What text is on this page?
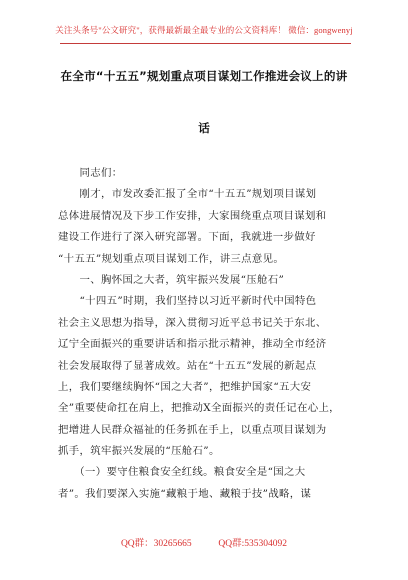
关注头条号"公文研究"，获得最新最全最专业的公文资料库！ 微信：gongwenyj
在全市“十五五”规划重点项目谋划工作推进会议上的讲
话
　　同志们：
　　刚才，市发改委汇报了全市“十五五”规划项目谋划
总体进展情况及下步工作安排，大家围绕重点项目谋划和
建设工作进行了深入研究部署。下面，我就进一步做好
“十五五”规划重点项目谋划工作，讲三点意见。
　　一、胸怀国之大者，筑牢振兴发展“压舱石”
　　“十四五”时期，我们坚持以习近平新时代中国特色
社会主义思想为指导，深入贯彻习近平总书记关于东北、
辽宁全面振兴的重要讲话和指示批示精神，推动全市经济
社会发展取得了显著成效。站在“十五五”发展的新起点
上，我们要继续胸怀“国之大者”，把维护国家“五大安
全”重要使命扛在肩上，把推动X全面振兴的责任记在心上，
把增进人民群众福祉的任务抓在手上，以重点项目谋划为
抓手，筑牢振兴发展的“压舱石”。
　　（一）要守住粮食安全红线。粮食安全是“国之大
者”。我们要深入实施“藏粮于地、藏粮于技”战略，谋
QQ群：30265665	QQ群:535304092
